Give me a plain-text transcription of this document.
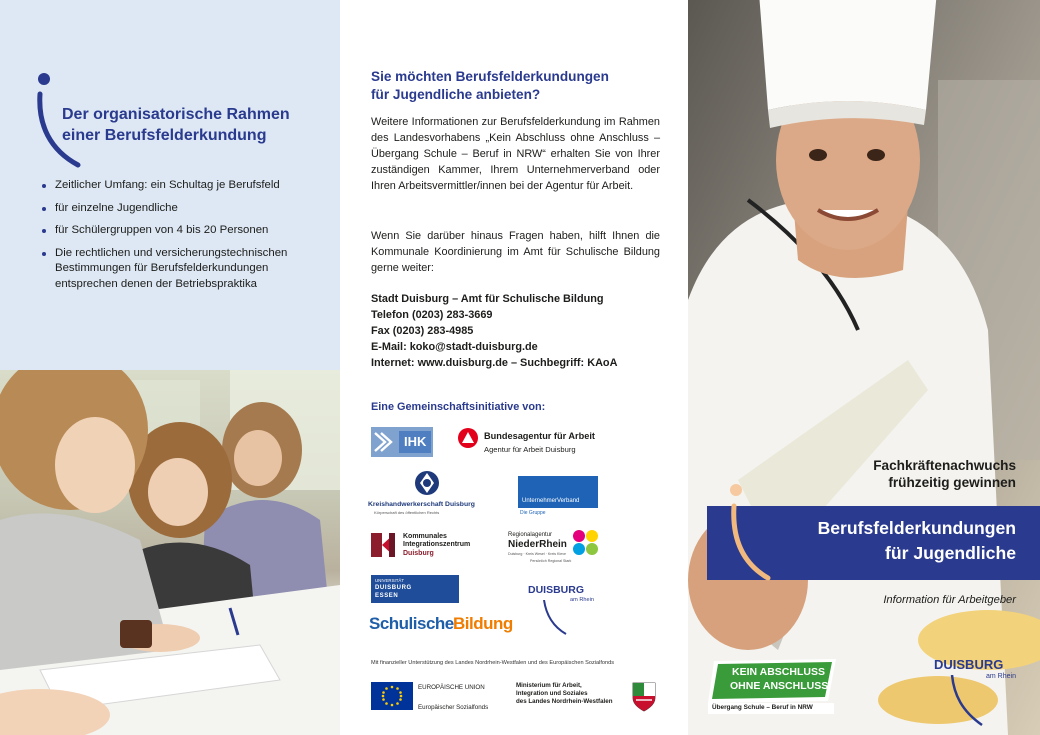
Der organisatorische Rahmen
einer Berufsfelderkundung
Zeitlicher Umfang: ein Schultag je Berufsfeld
für einzelne Jugendliche
für Schülergruppen von 4 bis 20 Personen
Die rechtlichen und versicherungstechnischen Bestimmungen für Berufsfelderkundungen entsprechen denen der Betriebspraktika
Sie möchten Berufsfelderkundungen
für Jugendliche anbieten?

Weitere Informationen zur Berufsfelderkundung im Rahmen des Landesvorhabens „Kein Abschluss ohne Anschluss – Übergang Schule – Beruf in NRW“ erhalten Sie von Ihrer zuständigen Kammer, Ihrem Unternehmerverband oder Ihren Arbeitsvermittler/innen bei der Agentur für Arbeit.

Wenn Sie darüber hinaus Fragen haben, hilft Ihnen die Kommunale Koordinierung im Amt für Schulische Bildung gerne weiter:

Stadt Duisburg – Amt für Schulische Bildung
Telefon (0203) 283-3669
Fax (0203) 283-4985
E-Mail: koko@stadt-duisburg.de
Internet: www.duisburg.de – Suchbegriff: KAoA
Eine Gemeinschaftsinitiative von:
IHK	Bundesagentur für Arbeit
Agentur für Arbeit Duisburg
Kreishandwerkerschaft Duisburg
Körperschaft des öffentlichen Rechts
UnternehmerVerband
Die Gruppe
Kommunales
Integrationszentrum
Duisburg
Regionalagentur
NiederRhein
Duisburg · Kreis Wesel · Kreis Kleve
Persönlich Regional Stark
UNIVERSITÄT
DUISBURG
ESSEN	DUISBURG
am Rhein
Schulische Bildung
Mit finanzieller Unterstützung des Landes Nordrhein-Westfalen und des Europäischen Sozialfonds
EUROPÄISCHE UNION
Europäischer Sozialfonds
Ministerium für Arbeit,
Integration und Soziales
des Landes Nordrhein-Westfalen
Fachkräftenachwuchs
frühzeitig gewinnen
Berufsfelderkundungen
für Jugendliche
Information für Arbeitgeber
KEIN ABSCHLUSS
OHNE ANSCHLUSS
Übergang Schule – Beruf in NRW
DUISBURG
am Rhein
